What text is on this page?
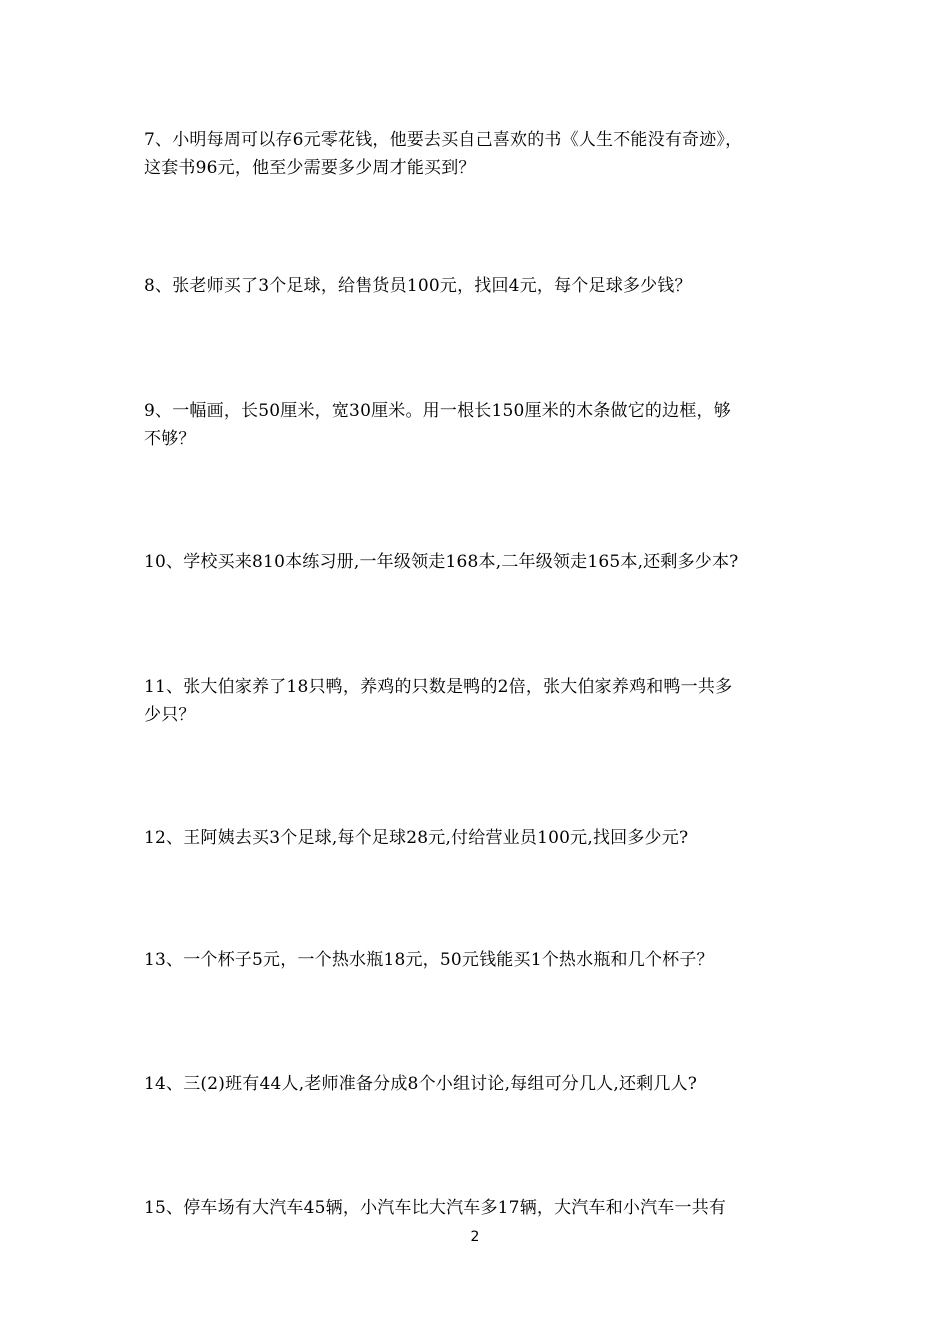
7、小明每周可以存6元零花钱，他要去买自己喜欢的书《人生不能没有奇迹》，
这套书96元，他至少需要多少周才能买到？
8、张老师买了3个足球，给售货员100元，找回4元，每个足球多少钱？
9、一幅画，长50厘米，宽30厘米。用一根长150厘米的木条做它的边框，够
不够？
10、学校买来810本练习册,一年级领走168本,二年级领走165本,还剩多少本?
11、张大伯家养了18只鸭，养鸡的只数是鸭的2倍，张大伯家养鸡和鸭一共多
少只？
12、王阿姨去买3个足球,每个足球28元,付给营业员100元,找回多少元?
13、一个杯子5元，一个热水瓶18元，50元钱能买1个热水瓶和几个杯子？
14、三(2)班有44人,老师准备分成8个小组讨论,每组可分几人,还剩几人?
15、停车场有大汽车45辆，小汽车比大汽车多17辆，大汽车和小汽车一共有
2
